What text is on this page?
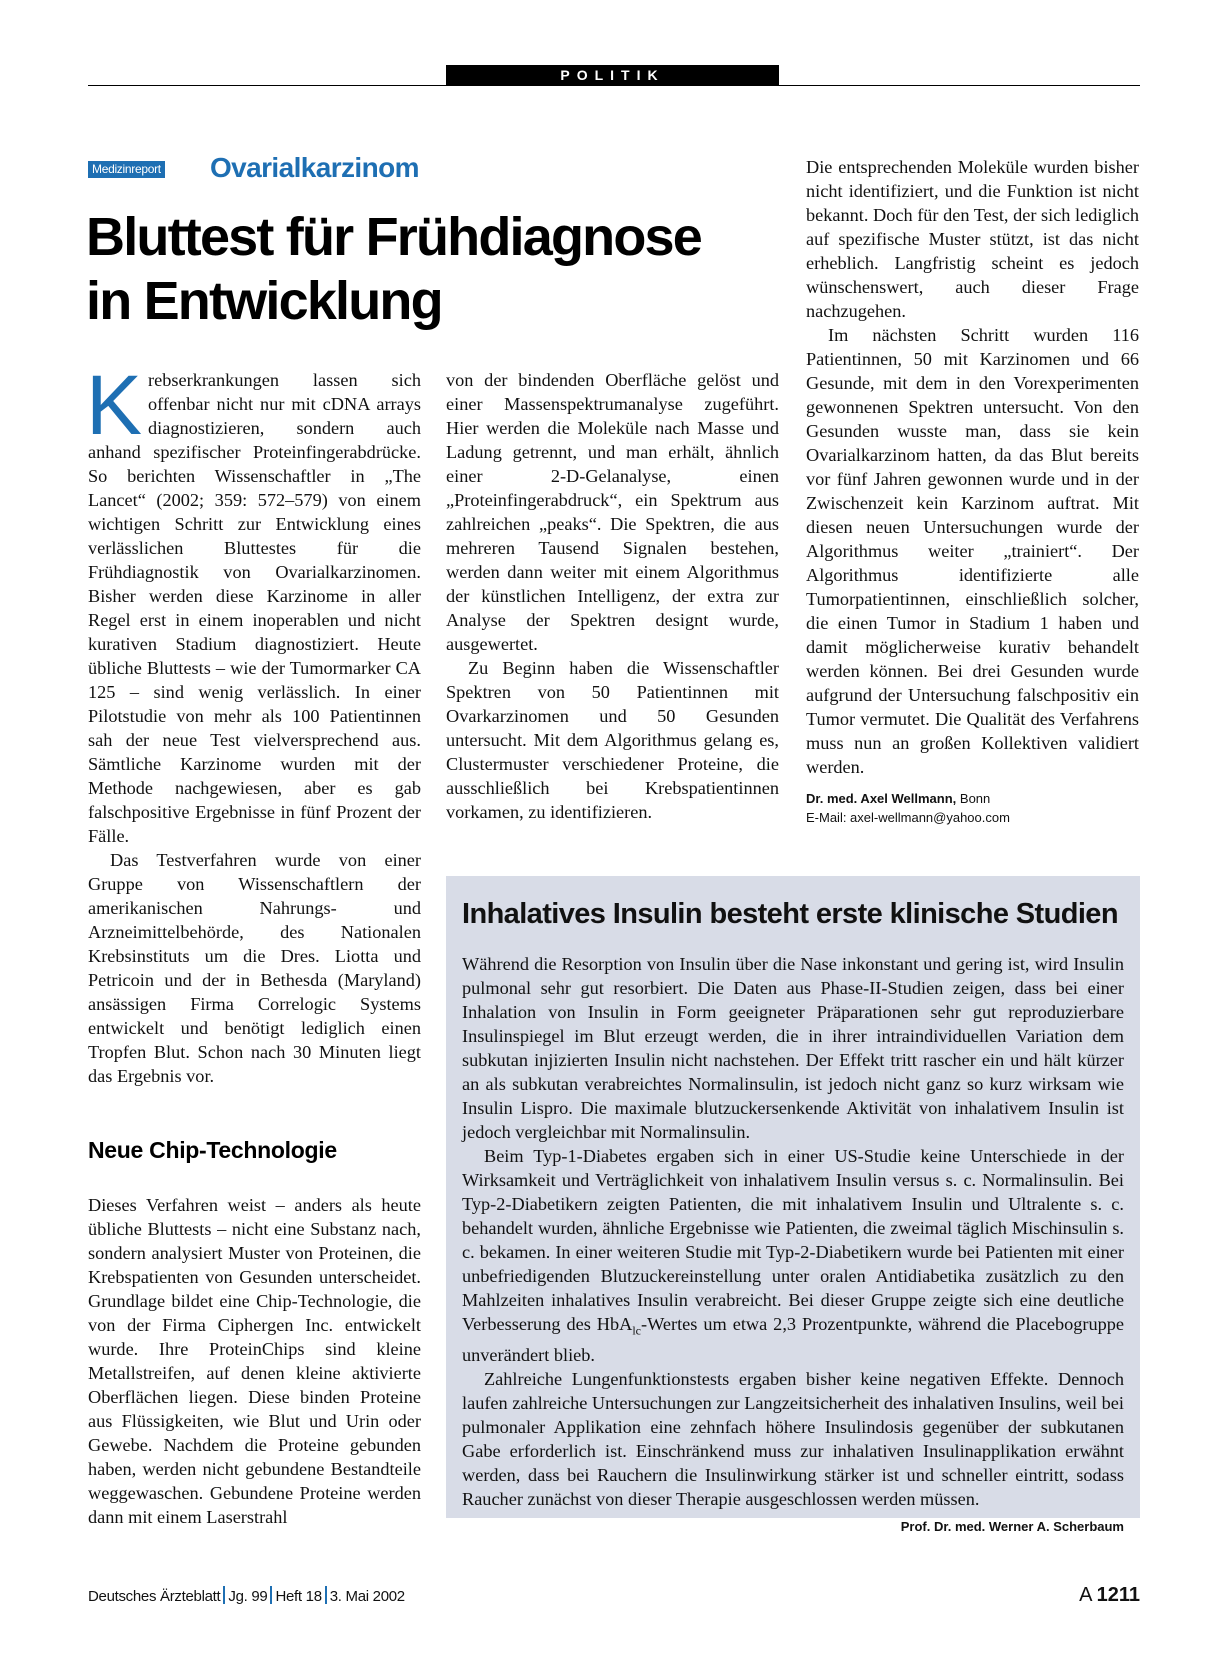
POLITIK
Medizinreport Ovarialkarzinom
Bluttest für Frühdiagnose
in Entwicklung

Krebserkrankungen lassen sich offenbar nicht nur mit cDNA arrays diagnostizieren, sondern auch anhand spezifischer Proteinfingerabdrücke. So berichten Wissenschaftler in „The Lancet“ (2002; 359: 572–579) von einem wichtigen Schritt zur Entwicklung eines verlässlichen Bluttestes für die Frühdiagnostik von Ovarialkarzinomen. Bisher werden diese Karzinome in aller Regel erst in einem inoperablen und nicht kurativen Stadium diagnostiziert. Heute übliche Bluttests – wie der Tumormarker CA 125 – sind wenig verlässlich. In einer Pilotstudie von mehr als 100 Patientinnen sah der neue Test vielversprechend aus. Sämtliche Karzinome wurden mit der Methode nachgewiesen, aber es gab falschpositive Ergebnisse in fünf Prozent der Fälle.

Das Testverfahren wurde von einer Gruppe von Wissenschaftlern der amerikanischen Nahrungs- und Arzneimittelbehörde, des Nationalen Krebsinstituts um die Dres. Liotta und Petricoin und der in Bethesda (Maryland) ansässigen Firma Correlogic Systems entwickelt und benötigt lediglich einen Tropfen Blut. Schon nach 30 Minuten liegt das Ergebnis vor.

Neue Chip-Technologie

Dieses Verfahren weist – anders als heute übliche Bluttests – nicht eine Substanz nach, sondern analysiert Muster von Proteinen, die Krebspatienten von Gesunden unterscheidet. Grundlage bildet eine Chip-Technologie, die von der Firma Ciphergen Inc. entwickelt wurde. Ihre ProteinChips sind kleine Metallstreifen, auf denen kleine aktivierte Oberflächen liegen. Diese binden Proteine aus Flüssigkeiten, wie Blut und Urin oder Gewebe. Nachdem die Proteine gebunden haben, werden nicht gebundene Bestandteile weggewaschen. Gebundene Proteine werden dann mit einem Laserstrahl

von der bindenden Oberfläche gelöst und einer Massenspektrumanalyse zugeführt. Hier werden die Moleküle nach Masse und Ladung getrennt, und man erhält, ähnlich einer 2-D-Gelanalyse, einen „Proteinfingerabdruck“, ein Spektrum aus zahlreichen „peaks“. Die Spektren, die aus mehreren Tausend Signalen bestehen, werden dann weiter mit einem Algorithmus der künstlichen Intelligenz, der extra zur Analyse der Spektren designt wurde, ausgewertet.

Zu Beginn haben die Wissenschaftler Spektren von 50 Patientinnen mit Ovarkarzinomen und 50 Gesunden untersucht. Mit dem Algorithmus gelang es, Clustermuster verschiedener Proteine, die ausschließlich bei Krebspatientinnen vorkamen, zu identifizieren.

Die entsprechenden Moleküle wurden bisher nicht identifiziert, und die Funktion ist nicht bekannt. Doch für den Test, der sich lediglich auf spezifische Muster stützt, ist das nicht erheblich. Langfristig scheint es jedoch wünschenswert, auch dieser Frage nachzugehen.

Im nächsten Schritt wurden 116 Patientinnen, 50 mit Karzinomen und 66 Gesunde, mit dem in den Vorexperimenten gewonnenen Spektren untersucht. Von den Gesunden wusste man, dass sie kein Ovarialkarzinom hatten, da das Blut bereits vor fünf Jahren gewonnen wurde und in der Zwischenzeit kein Karzinom auftrat. Mit diesen neuen Untersuchungen wurde der Algorithmus weiter „trainiert“. Der Algorithmus identifizierte alle Tumorpatientinnen, einschließlich solcher, die einen Tumor in Stadium 1 haben und damit möglicherweise kurativ behandelt werden können. Bei drei Gesunden wurde aufgrund der Untersuchung falschpositiv ein Tumor vermutet. Die Qualität des Verfahrens muss nun an großen Kollektiven validiert werden.

Dr. med. Axel Wellmann, Bonn
E-Mail: axel-wellmann@yahoo.com
Inhalatives Insulin besteht erste klinische Studien

Während die Resorption von Insulin über die Nase inkonstant und gering ist, wird Insulin pulmonal sehr gut resorbiert. Die Daten aus Phase-II-Studien zeigen, dass bei einer Inhalation von Insulin in Form geeigneter Präparationen sehr gut reproduzierbare Insulinspiegel im Blut erzeugt werden, die in ihrer intraindividuellen Variation dem subkutan injizierten Insulin nicht nachstehen. Der Effekt tritt rascher ein und hält kürzer an als subkutan verabreichtes Normalinsulin, ist jedoch nicht ganz so kurz wirksam wie Insulin Lispro. Die maximale blutzuckersenkende Aktivität von inhalativem Insulin ist jedoch vergleichbar mit Normalinsulin.

Beim Typ-1-Diabetes ergaben sich in einer US-Studie keine Unterschiede in der Wirksamkeit und Verträglichkeit von inhalativem Insulin versus s. c. Normalinsulin. Bei Typ-2-Diabetikern zeigten Patienten, die mit inhalativem Insulin und Ultralente s. c. behandelt wurden, ähnliche Ergebnisse wie Patienten, die zweimal täglich Mischinsulin s. c. bekamen. In einer weiteren Studie mit Typ-2-Diabetikern wurde bei Patienten mit einer unbefriedigenden Blutzuckereinstellung unter oralen Antidiabetika zusätzlich zu den Mahlzeiten inhalatives Insulin verabreicht. Bei dieser Gruppe zeigte sich eine deutliche Verbesserung des HbA$_{lc}$-Wertes um etwa 2,3 Prozentpunkte, während die Placebogruppe unverändert blieb.

Zahlreiche Lungenfunktionstests ergaben bisher keine negativen Effekte. Dennoch laufen zahlreiche Untersuchungen zur Langzeitsicherheit des inhalativen Insulins, weil bei pulmonaler Applikation eine zehnfach höhere Insulindosis gegenüber der subkutanen Gabe erforderlich ist. Einschränkend muss zur inhalativen Insulinapplikation erwähnt werden, dass bei Rauchern die Insulinwirkung stärker ist und schneller eintritt, sodass Raucher zunächst von dieser Therapie ausgeschlossen werden müssen.
Prof. Dr. med. Werner A. Scherbaum

Deutsches Ärzteblatt Jg. 99 Heft 18 3. Mai 2002	A 1211
